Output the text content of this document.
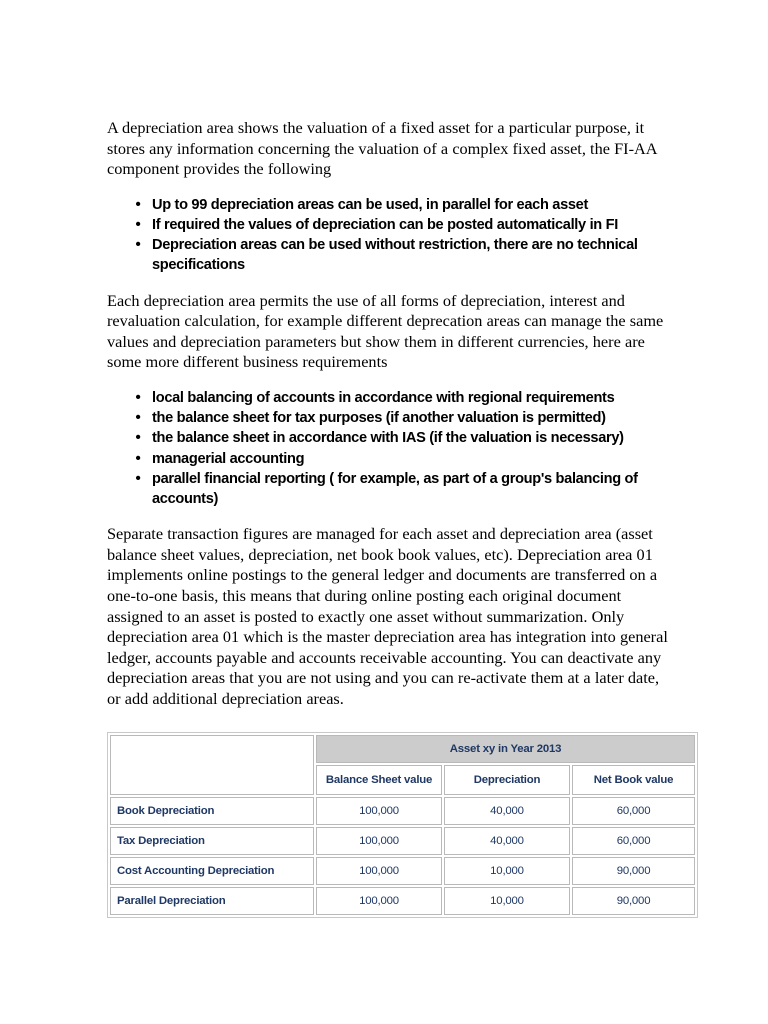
A depreciation area shows the valuation of a fixed asset for a particular purpose, it stores any information concerning the valuation of a complex fixed asset, the FI-AA component provides the following

• Up to 99 depreciation areas can be used, in parallel for each asset
• If required the values of depreciation can be posted automatically in FI
• Depreciation areas can be used without restriction, there are no technical specifications

Each depreciation area permits the use of all forms of depreciation, interest and revaluation calculation, for example different deprecation areas can manage the same values and depreciation parameters but show them in different currencies, here are some more different business requirements

• local balancing of accounts in accordance with regional requirements
• the balance sheet for tax purposes (if another valuation is permitted)
• the balance sheet in accordance with IAS (if the valuation is necessary)
• managerial accounting
• parallel financial reporting ( for example, as part of a group's balancing of accounts)

Separate transaction figures are managed for each asset and depreciation area (asset balance sheet values, depreciation, net book book values, etc). Depreciation area 01 implements online postings to the general ledger and documents are transferred on a one-to-one basis, this means that during online posting each original document assigned to an asset is posted to exactly one asset without summarization. Only depreciation area 01 which is the master depreciation area has integration into general ledger, accounts payable and accounts receivable accounting. You can deactivate any depreciation areas that you are not using and you can re-activate them at a later date, or add additional depreciation areas.

	Asset xy in Year 2013		
	Balance Sheet value	Depreciation	Net Book value
Book Depreciation	100,000	40,000	60,000
Tax Depreciation	100,000	40,000	60,000
Cost Accounting Depreciation	100,000	10,000	90,000
Parallel Depreciation	100,000	10,000	90,000
